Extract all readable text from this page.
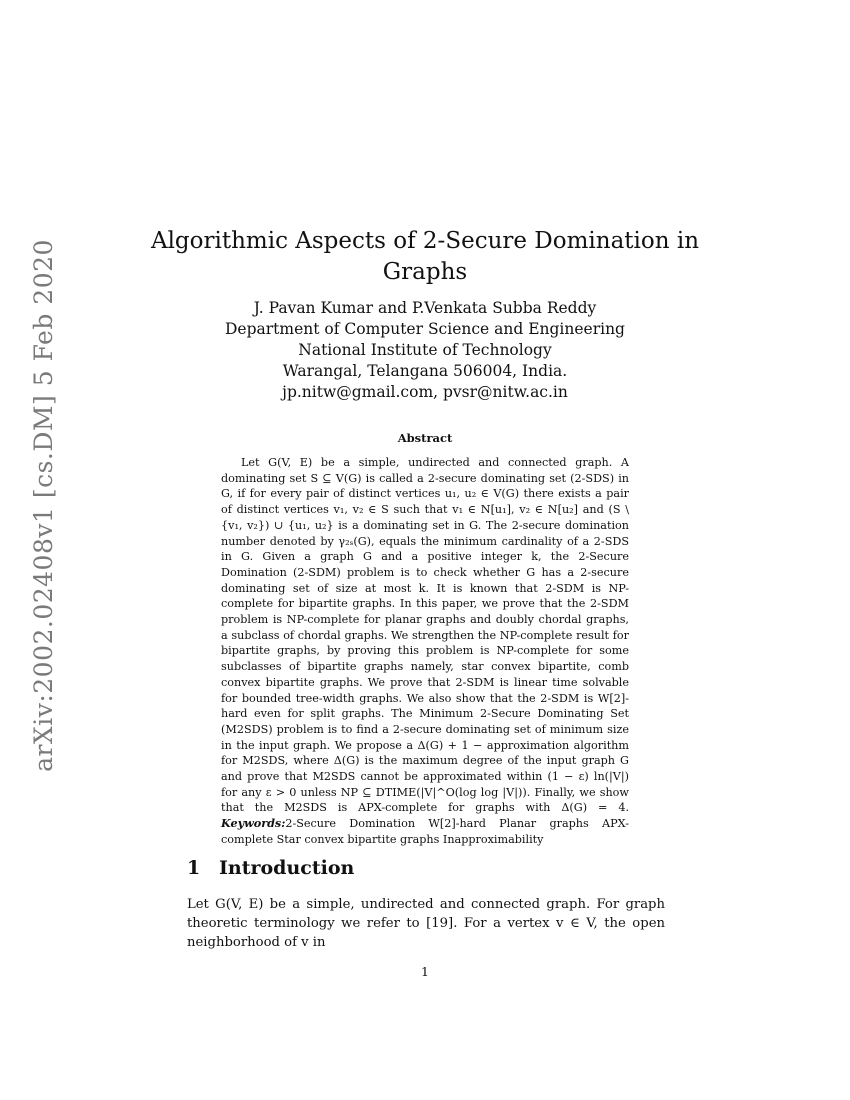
arXiv:2002.02408v1 [cs.DM] 5 Feb 2020	Algorithmic Aspects of 2-Secure Domination in Graphs
J. Pavan Kumar and P.Venkata Subba Reddy
Department of Computer Science and Engineering
National Institute of Technology
Warangal, Telangana 506004, India.
jp.nitw@gmail.com, pvsr@nitw.ac.in
Abstract

Let G(V, E) be a simple, undirected and connected graph. A dominating set S ⊆ V(G) is called a 2-secure dominating set (2-SDS) in G, if for every pair of distinct vertices u₁, u₂ ∈ V(G) there exists a pair of distinct vertices v₁, v₂ ∈ S such that v₁ ∈ N[u₁], v₂ ∈ N[u₂] and (S \ {v₁, v₂}) ∪ {u₁, u₂} is a dominating set in G. The 2-secure domination number denoted by γ₂ₛ(G), equals the minimum cardinality of a 2-SDS in G. Given a graph G and a positive integer k, the 2-Secure Domination (2-SDM) problem is to check whether G has a 2-secure dominating set of size at most k. It is known that 2-SDM is NP-complete for bipartite graphs. In this paper, we prove that the 2-SDM problem is NP-complete for planar graphs and doubly chordal graphs, a subclass of chordal graphs. We strengthen the NP-complete result for bipartite graphs, by proving this problem is NP-complete for some subclasses of bipartite graphs namely, star convex bipartite, comb convex bipartite graphs. We prove that 2-SDM is linear time solvable for bounded tree-width graphs. We also show that the 2-SDM is W[2]-hard even for split graphs. The Minimum 2-Secure Dominating Set (M2SDS) problem is to find a 2-secure dominating set of minimum size in the input graph. We propose a Δ(G) + 1 − approximation algorithm for M2SDS, where Δ(G) is the maximum degree of the input graph G and prove that M2SDS cannot be approximated within (1 − ε) ln(|V|) for any ε > 0 unless NP ⊆ DTIME(|V|^O(log log |V|)). Finally, we show that the M2SDS is APX-complete for graphs with Δ(G) = 4. Keywords:2-Secure Domination W[2]-hard Planar graphs APX-complete Star convex bipartite graphs Inapproximability

1 Introduction

Let G(V, E) be a simple, undirected and connected graph. For graph theoretic terminology we refer to [19]. For a vertex v ∈ V, the open neighborhood of v in

1
